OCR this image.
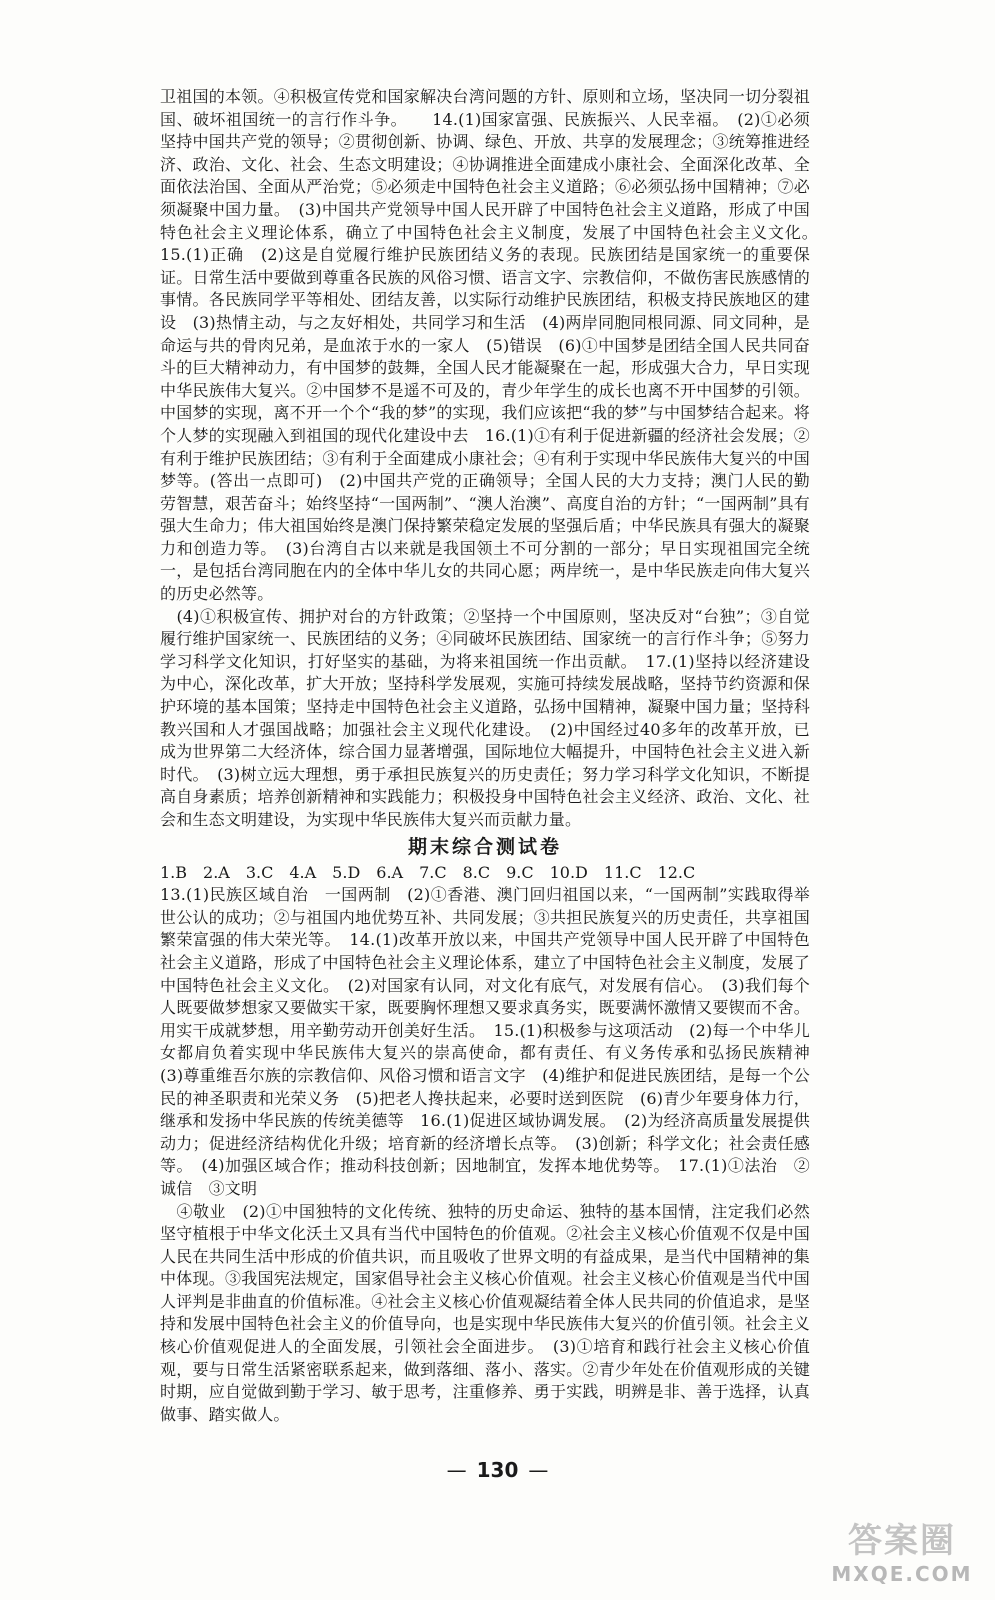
卫祖国的本领。④积极宣传党和国家解决台湾问题的方针、原则和立场，坚决同一切分裂祖国、破坏祖国统一的言行作斗争。　　14.(1)国家富强、民族振兴、人民幸福。　(2)①必须坚持中国共产党的领导；②贯彻创新、协调、绿色、开放、共享的发展理念；③统筹推进经济、政治、文化、社会、生态文明建设；④协调推进全面建成小康社会、全面深化改革、全面依法治国、全面从严治党；⑤必须走中国特色社会主义道路；⑥必须弘扬中国精神；⑦必须凝聚中国力量。　(3)中国共产党领导中国人民开辟了中国特色社会主义道路，形成了中国特色社会主义理论体系，确立了中国特色社会主义制度，发展了中国特色社会主义文化。　15.(1)正确　(2)这是自觉履行维护民族团结义务的表现。民族团结是国家统一的重要保证。日常生活中要做到尊重各民族的风俗习惯、语言文字、宗教信仰，不做伤害民族感情的事情。各民族同学平等相处、团结友善，以实际行动维护民族团结，积极支持民族地区的建设　(3)热情主动，与之友好相处，共同学习和生活　(4)两岸同胞同根同源、同文同种，是命运与共的骨肉兄弟，是血浓于水的一家人　(5)错误　(6)①中国梦是团结全国人民共同奋斗的巨大精神动力，有中国梦的鼓舞，全国人民才能凝聚在一起，形成强大合力，早日实现中华民族伟大复兴。②中国梦不是遥不可及的，青少年学生的成长也离不开中国梦的引领。中国梦的实现，离不开一个个“我的梦”的实现，我们应该把“我的梦”与中国梦结合起来。将个人梦的实现融入到祖国的现代化建设中去　16.(1)①有利于促进新疆的经济社会发展；②有利于维护民族团结；③有利于全面建成小康社会；④有利于实现中华民族伟大复兴的中国梦等。(答出一点即可)　(2)中国共产党的正确领导；全国人民的大力支持；澳门人民的勤劳智慧，艰苦奋斗；始终坚持“一国两制”、“澳人治澳”、高度自治的方针；“一国两制”具有强大生命力；伟大祖国始终是澳门保持繁荣稳定发展的坚强后盾；中华民族具有强大的凝聚力和创造力等。　(3)台湾自古以来就是我国领土不可分割的一部分；早日实现祖国完全统一，是包括台湾同胞在内的全体中华儿女的共同心愿；两岸统一，是中华民族走向伟大复兴的历史必然等。

　(4)①积极宣传、拥护对台的方针政策；②坚持一个中国原则，坚决反对“台独”；③自觉履行维护国家统一、民族团结的义务；④同破坏民族团结、国家统一的言行作斗争；⑤努力学习科学文化知识，打好坚实的基础，为将来祖国统一作出贡献。　17.(1)坚持以经济建设为中心，深化改革，扩大开放；坚持科学发展观，实施可持续发展战略，坚持节约资源和保护环境的基本国策；坚持走中国特色社会主义道路，弘扬中国精神，凝聚中国力量；坚持科教兴国和人才强国战略；加强社会主义现代化建设。　(2)中国经过40多年的改革开放，已成为世界第二大经济体，综合国力显著增强，国际地位大幅提升，中国特色社会主义进入新时代。　(3)树立远大理想，勇于承担民族复兴的历史责任；努力学习科学文化知识，不断提高自身素质；培养创新精神和实践能力；积极投身中国特色社会主义经济、政治、文化、社会和生态文明建设，为实现中华民族伟大复兴而贡献力量。

期末综合测试卷

1.B　2.A　3.C　4.A　5.D　6.A　7.C　8.C　9.C　10.D　11.C　12.C

13.(1)民族区域自治　一国两制　(2)①香港、澳门回归祖国以来，“一国两制”实践取得举世公认的成功；②与祖国内地优势互补、共同发展；③共担民族复兴的历史责任，共享祖国繁荣富强的伟大荣光等。　14.(1)改革开放以来，中国共产党领导中国人民开辟了中国特色社会主义道路，形成了中国特色社会主义理论体系，建立了中国特色社会主义制度，发展了中国特色社会主义文化。　(2)对国家有认同，对文化有底气，对发展有信心。　(3)我们每个人既要做梦想家又要做实干家，既要胸怀理想又要求真务实，既要满怀激情又要锲而不舍。用实干成就梦想，用辛勤劳动开创美好生活。　15.(1)积极参与这项活动　(2)每一个中华儿女都肩负着实现中华民族伟大复兴的崇高使命，都有责任、有义务传承和弘扬民族精神　(3)尊重维吾尔族的宗教信仰、风俗习惯和语言文字　(4)维护和促进民族团结，是每一个公民的神圣职责和光荣义务　(5)把老人搀扶起来，必要时送到医院　(6)青少年要身体力行，继承和发扬中华民族的传统美德等　16.(1)促进区域协调发展。　(2)为经济高质量发展提供动力；促进经济结构优化升级；培育新的经济增长点等。　(3)创新；科学文化；社会责任感等。　(4)加强区域合作；推动科技创新；因地制宜，发挥本地优势等。　17.(1)①法治　②诚信　③文明

　④敬业　(2)①中国独特的文化传统、独特的历史命运、独特的基本国情，注定我们必然坚守植根于中华文化沃土又具有当代中国特色的价值观。②社会主义核心价值观不仅是中国人民在共同生活中形成的价值共识，而且吸收了世界文明的有益成果，是当代中国精神的集中体现。③我国宪法规定，国家倡导社会主义核心价值观。社会主义核心价值观是当代中国人评判是非曲直的价值标准。④社会主义核心价值观凝结着全体人民共同的价值追求，是坚持和发展中国特色社会主义的价值导向，也是实现中华民族伟大复兴的价值引领。社会主义核心价值观促进人的全面发展，引领社会全面进步。　(3)①培育和践行社会主义核心价值观，要与日常生活紧密联系起来，做到落细、落小、落实。②青少年处在价值观形成的关键时期，应自觉做到勤于学习、敏于思考，注重修养、勇于实践，明辨是非、善于选择，认真做事、踏实做人。

— 130 —
答案圈
MXQE.COM
